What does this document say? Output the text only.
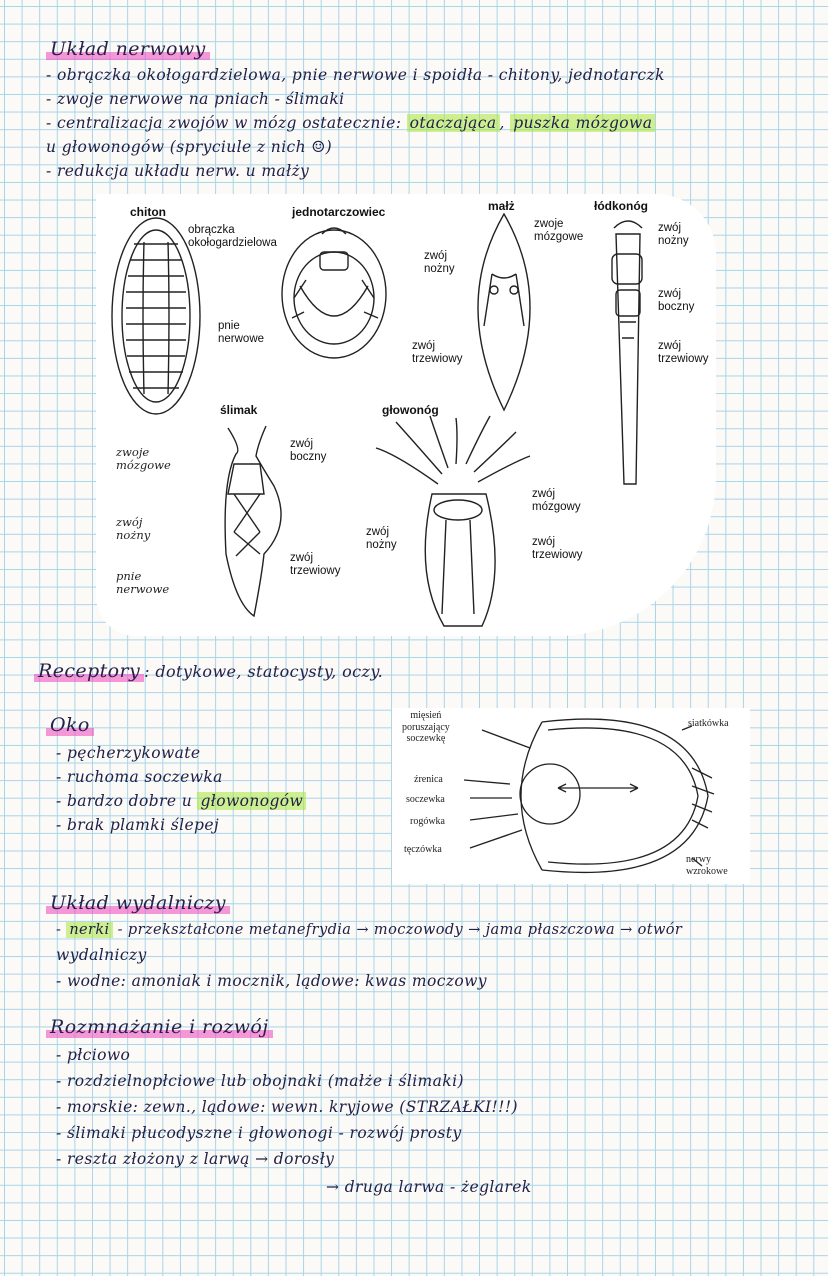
Układ nerwowy
- obrączka okołogardzielowa, pnie nerwowe i spoidła - chitony, jednotarczk
- zwoje nerwowe na pniach - ślimaki
- centralizacja zwojów w mózg ostatecznie: otaczająca , puszka mózgowa
u głowonogów (spryciule z nich ☺)
- redukcja układu nerw. u małży
chiton
obrączka
okołogardzielowa
pnie
nerwowe
jednotarczowiec	małż
zwoje
mózgowe
zwój
nożny
zwój
trzewiowy
łódkonóg
zwój
nożny
zwój
boczny
zwój
trzewiowy
ślimak
zwoje
mózgowe
zwój
boczny
zwój
nożny
pnie
nerwowe
zwój
trzewiowy
głowonóg
zwój
mózgowy
zwój
nożny	zwój
trzewiowy
Receptory : dotykowe, statocysty, oczy.
Oko
- pęcherzykowate
- ruchoma soczewka
- bardzo dobre u głowonogów
- brak plamki ślepej
mięsień
poruszający
soczewkę
źrenica
soczewka
rogówka
tęczówka
siatkówka
nerwy
wzrokowe
Układ wydalniczy
- nerki - przekształcone metanefrydia → moczowody → jama płaszczowa → otwór
wydalniczy
- wodne: amoniak i mocznik, lądowe: kwas moczowy
Rozmnażanie i rozwój
- płciowo
- rozdzielnopłciowe lub obojnaki (małże i ślimaki)
- morskie: zewn., lądowe: wewn. kryjowe (STRZAŁKI!!!)
- ślimaki płucodyszne i głowonogi - rozwój prosty
- reszta złożony z larwą → dorosły
→ druga larwa - żeglarek
